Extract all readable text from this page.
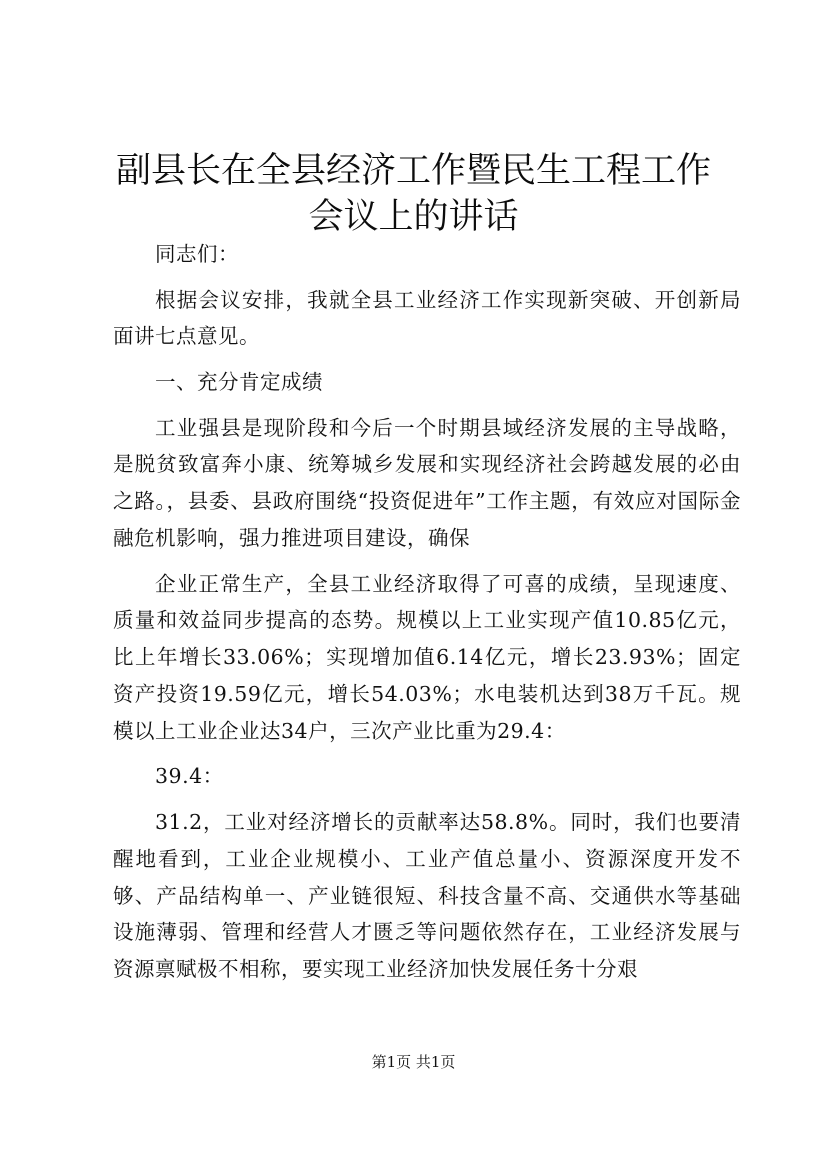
副县长在全县经济工作暨民生工程工作会议上的讲话

同志们：

根据会议安排，我就全县工业经济工作实现新突破、开创新局面讲七点意见。

一、充分肯定成绩

工业强县是现阶段和今后一个时期县域经济发展的主导战略，是脱贫致富奔小康、统筹城乡发展和实现经济社会跨越发展的必由之路。，县委、县政府围绕“投资促进年”工作主题，有效应对国际金融危机影响，强力推进项目建设，确保

企业正常生产，全县工业经济取得了可喜的成绩，呈现速度、质量和效益同步提高的态势。规模以上工业实现产值10.85亿元，比上年增长33.06%；实现增加值6.14亿元，增长23.93%；固定资产投资19.59亿元，增长54.03%；水电装机达到38万千瓦。规模以上工业企业达34户，三次产业比重为29.4：

39.4：

31.2，工业对经济增长的贡献率达58.8%。同时，我们也要清醒地看到，工业企业规模小、工业产值总量小、资源深度开发不够、产品结构单一、产业链很短、科技含量不高、交通供水等基础设施薄弱、管理和经营人才匮乏等问题依然存在，工业经济发展与资源禀赋极不相称，要实现工业经济加快发展任务十分艰

第1页 共1页
